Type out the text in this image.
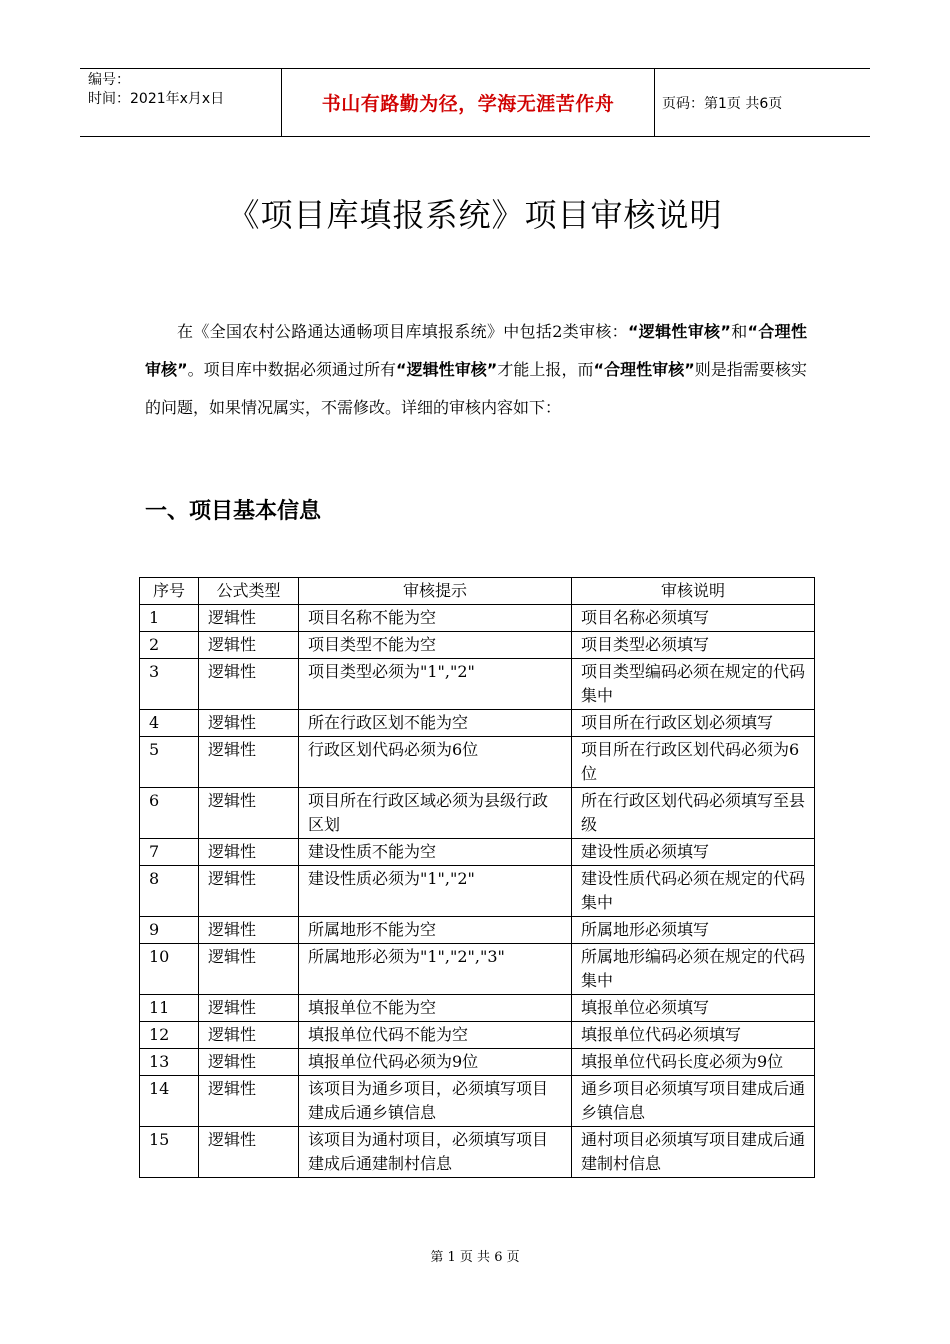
编号：
时间：2021年x月x日	书山有路勤为径，学海无涯苦作舟	页码：第1页 共6页
《项目库填报系统》项目审核说明
在《全国农村公路通达通畅项目库填报系统》中包括2类审核：“逻辑性审核”和“合理性审核”。项目库中数据必须通过所有“逻辑性审核”才能上报，而“合理性审核”则是指需要核实的问题，如果情况属实，不需修改。详细的审核内容如下：
一、项目基本信息
序号	公式类型	审核提示	审核说明
1	逻辑性	项目名称不能为空	项目名称必须填写
2	逻辑性	项目类型不能为空	项目类型必须填写
3	逻辑性	项目类型必须为"1","2"	项目类型编码必须在规定的代码集中
4	逻辑性	所在行政区划不能为空	项目所在行政区划必须填写
5	逻辑性	行政区划代码必须为6位	项目所在行政区划代码必须为6位
6	逻辑性	项目所在行政区域必须为县级行政区划	所在行政区划代码必须填写至县级
7	逻辑性	建设性质不能为空	建设性质必须填写
8	逻辑性	建设性质必须为"1","2"	建设性质代码必须在规定的代码集中
9	逻辑性	所属地形不能为空	所属地形必须填写
10	逻辑性	所属地形必须为"1","2","3"	所属地形编码必须在规定的代码集中
11	逻辑性	填报单位不能为空	填报单位必须填写
12	逻辑性	填报单位代码不能为空	填报单位代码必须填写
13	逻辑性	填报单位代码必须为9位	填报单位代码长度必须为9位
14	逻辑性	该项目为通乡项目，必须填写项目建成后通乡镇信息	通乡项目必须填写项目建成后通乡镇信息
15	逻辑性	该项目为通村项目，必须填写项目建成后通建制村信息	通村项目必须填写项目建成后通建制村信息
第 1 页 共 6 页
